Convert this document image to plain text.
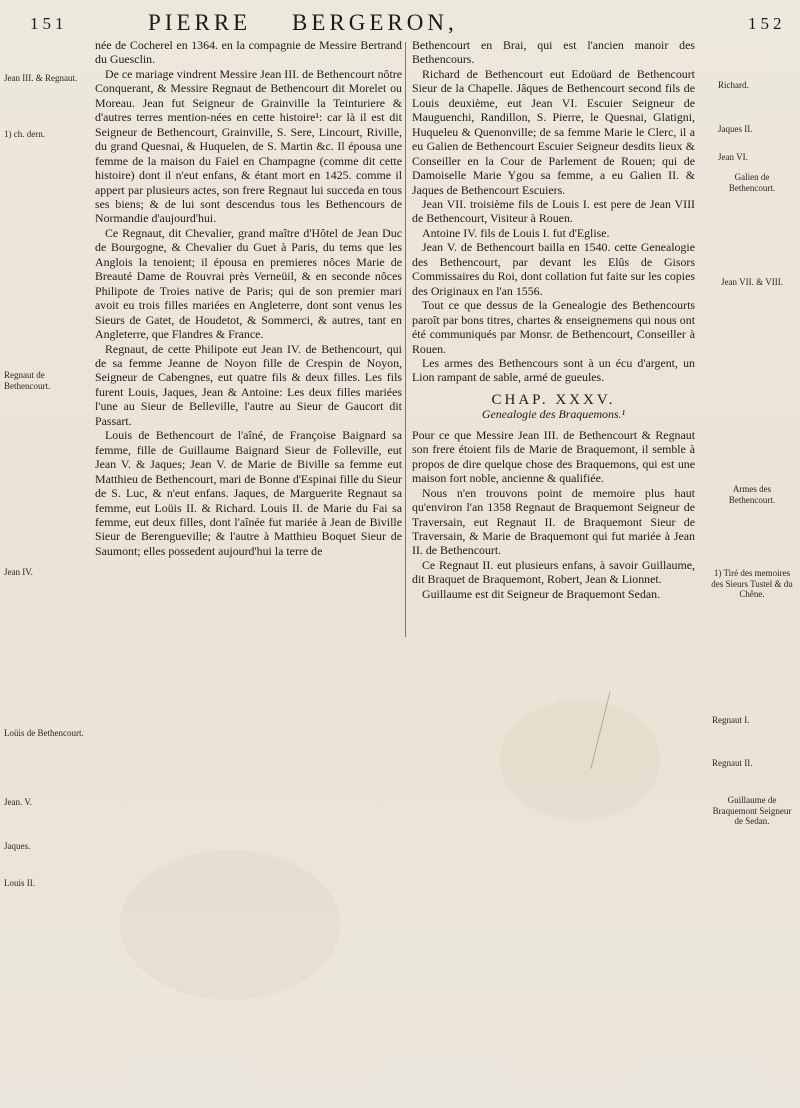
151	PIERRE BERGERON,	152

née de Cocherel en 1364. en la compagnie de Messire Bertrand du Guesclin.

De ce mariage vindrent Messire Jean III. de Bethencourt nôtre Conquerant, & Messire Regnaut de Bethencourt dit Morelet ou Moreau. Jean fut Seigneur de Grainville la Teinturiere & d'autres terres mention-nées en cette histoire¹: car là il est dit Seigneur de Bethencourt, Grainville, S. Sere, Lincourt, Riville, du grand Quesnai, & Huquelen, de S. Martin &c. Il épousa une femme de la maison du Faiel en Champagne (comme dit cette histoire) dont il n'eut enfans, & étant mort en 1425. comme il appert par plusieurs actes, son frere Regnaut lui succeda en tous ses biens; & de lui sont descendus tous les Bethencours de Normandie d'aujourd'hui.

Ce Regnaut, dit Chevalier, grand maître d'Hôtel de Jean Duc de Bourgogne, & Chevalier du Guet à Paris, du tems que les Anglois la tenoient; il épousa en premieres nôces Marie de Breauté Dame de Rouvrai près Verneüil, & en seconde nôces Philipote de Troies native de Paris; qui de son premier mari avoit eu trois filles mariées en Angleterre, dont sont venus les Sieurs de Gatet, de Houdetot, & Sommerci, & autres, tant en Angleterre, que Flandres & France.

Regnaut, de cette Philipote eut Jean IV. de Bethencourt, qui de sa femme Jeanne de Noyon fille de Crespin de Noyon, Seigneur de Cabengnes, eut quatre fils & deux filles. Les fils furent Louis, Jaques, Jean & Antoine: Les deux filles mariées l'une au Sieur de Belleville, l'autre au Sieur de Gaucort dit Passart.

Louis de Bethencourt de l'aîné, de Françoise Baignard sa femme, fille de Guillaume Baignard Sieur de Folleville, eut Jean V. & Jaques; Jean V. de Marie de Biville sa femme eut Matthieu de Bethencourt, mari de Bonne d'Espinai fille du Sieur de S. Luc, & n'eut enfans. Jaques, de Marguerite Regnaut sa femme, eut Loüis II. & Richard. Louis II. de Marie du Fai sa femme, eut deux filles, dont l'aînée fut mariée à Jean de Biville Sieur de Berengueville; & l'autre à Matthieu Boquet Sieur de Saumont; elles possedent aujourd'hui la terre de

Bethencourt en Brai, qui est l'ancien manoir des Bethencours.

Richard de Bethencourt eut Edoüard de Bethencourt Sieur de la Chapelle. Jâques de Bethencourt second fils de Louis deuxième, eut Jean VI. Escuier Seigneur de Mauguenchi, Randillon, S. Pierre, le Quesnai, Glatigni, Huqueleu & Quenonville; de sa femme Marie le Clerc, il a eu Galien de Bethencourt Escuier Seigneur desdits lieux & Conseiller en la Cour de Parlement de Rouen; qui de Damoiselle Marie Ygou sa femme, a eu Galien II. & Jaques de Bethencourt Escuiers.

Jean VII. troisième fils de Louis I. est pere de Jean VIII de Bethencourt, Visiteur à Rouen.

Antoine IV. fils de Louis I. fut d'Eglise.

Jean V. de Bethencourt bailla en 1540. cette Genealogie des Bethencourt, par devant les Elûs de Gisors Commissaires du Roi, dont collation fut faite sur les copies des Originaux en l'an 1556.

Tout ce que dessus de la Genealogie des Bethencourts paroît par bons titres, chartes & enseignemens qui nous ont été communiqués par Monsr. de Bethencourt, Conseiller à Rouen.

Les armes des Bethencours sont à un écu d'argent, un Lion rampant de sable, armé de gueules.

CHAP. XXXV.

Genealogie des Braquemons.¹

Pour ce que Messire Jean III. de Bethencourt & Regnaut son frere étoient fils de Marie de Braquemont, il semble à propos de dire quelque chose des Braquemons, qui est une maison fort noble, ancienne & qualifiée.

Nous n'en trouvons point de memoire plus haut qu'environ l'an 1358 Regnaut de Braquemont Seigneur de Traversain, eut Regnaut II. de Braquemont Sieur de Traversain, & Marie de Braquemont qui fut mariée à Jean II. de Bethencourt.

Ce Regnaut II. eut plusieurs enfans, à savoir Guillaume, dit Braquet de Braquemont, Robert, Jean & Lionnet.

Guillaume est dit Seigneur de Braquemont Sedan.

Jean III. & Regnaut.
1) ch. dern.
Regnaut de Bethencourt.
Jean IV.
Loüis de Bethencourt.
Jean. V.
Jaques.
Louis II.
Richard.
Jaques II.
Jean VI.
Galien de Bethencourt.
Jean VII. & VIII.
Armes des Bethencourt.
1) Tiré des memoires des Sieurs Tustel & du Chêne.
Regnaut I.
Regnaut II.
Guillaume de Braquemont Seigneur de Sedan.
